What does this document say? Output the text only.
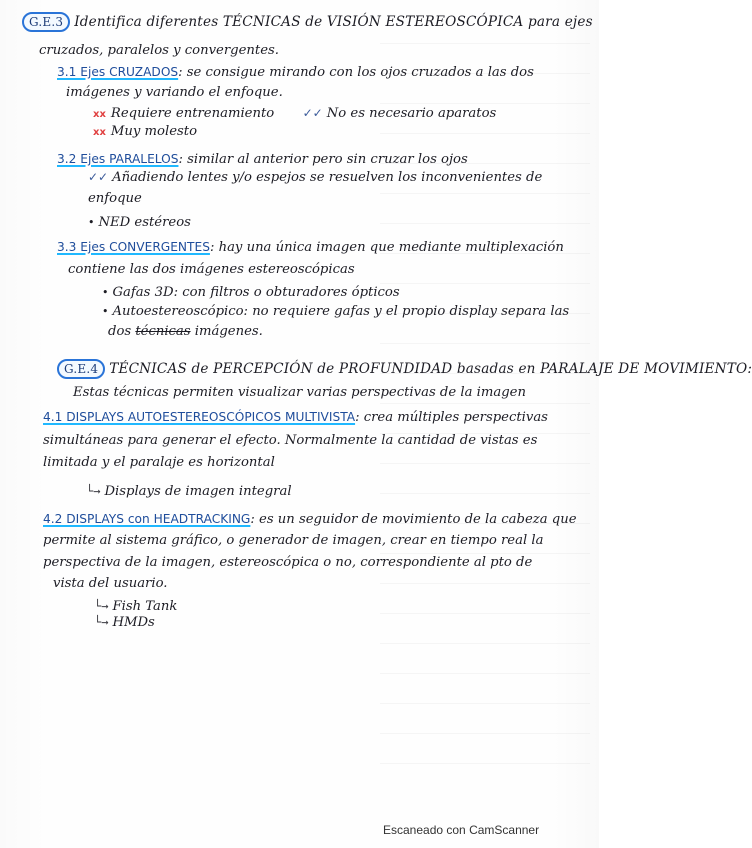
G.E.3 Identifica diferentes TÉCNICAS de VISIÓN ESTEREOSCÓPICA para ejes
cruzados, paralelos y convergentes.
3.1 Ejes CRUZADOS: se consigue mirando con los ojos cruzados a las dos
imágenes y variando el enfoque.
xx Requiere entrenamiento ✓✓ No es necesario aparatos
xx Muy molesto
3.2 Ejes PARALELOS: similar al anterior pero sin cruzar los ojos
✓✓ Añadiendo lentes y/o espejos se resuelven los inconvenientes de
enfoque
• NED estéreos
3.3 Ejes CONVERGENTES: hay una única imagen que mediante multiplexación
contiene las dos imágenes estereoscópicas
• Gafas 3D: con filtros o obturadores ópticos
• Autoestereoscópico: no requiere gafas y el propio display separa las
dos técnicas imágenes.
G.E.4 TÉCNICAS de PERCEPCIÓN de PROFUNDIDAD basadas en PARALAJE DE MOVIMIENTO:
Estas técnicas permiten visualizar varias perspectivas de la imagen
4.1 DISPLAYS AUTOESTEREOSCÓPICOS MULTIVISTA: crea múltiples perspectivas
simultáneas para generar el efecto. Normalmente la cantidad de vistas es
limitada y el paralaje es horizontal
└→ Displays de imagen integral
4.2 DISPLAYS con HEADTRACKING: es un seguidor de movimiento de la cabeza que
permite al sistema gráfico, o generador de imagen, crear en tiempo real la
perspectiva de la imagen, estereoscópica o no, correspondiente al pto de
vista del usuario.
└→ Fish Tank
└→ HMDs
Escaneado con CamScanner
